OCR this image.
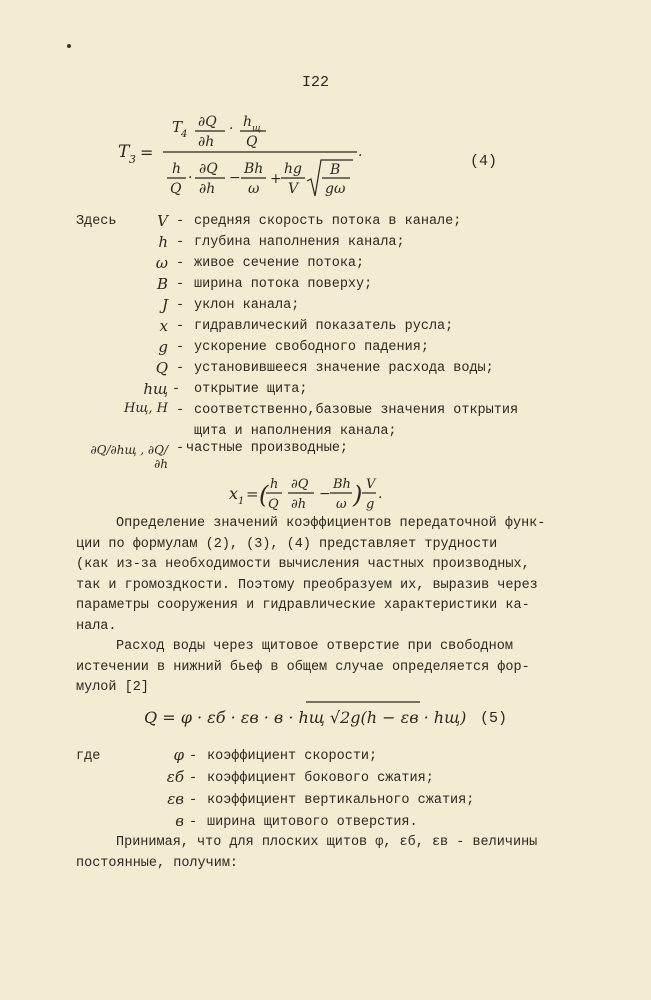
I22
T 3 =
T
4
∂Q
∂h
· h щ
Q
.
h
Q
·
∂Q
∂h
−
Bh
ω
+
hg
V
B
gω
(4)
Здесь	V - средняя скорость потока в канале;
h - глубина наполнения канала;
ω - живое сечение потока;
B - ширина потока поверху;
J - уклон канала;
x - гидравлический показатель русла;
g - ускорение свободного падения;
Q - установившееся значение расхода воды;
hщ - открытие щита;
Hщ, H - соответственно,базовые значения открытия
щита и наполнения канала;
∂Q/∂hщ , ∂Q/∂h
- частные производные;
x 1 = ( h
Q
∂Q
∂h
−
Bh
ω ) V
g
.
Определение значений коэффициентов передаточной функ-
ции по формулам (2), (3), (4) представляет трудности
(как из-за необходимости вычисления частных производных,
так и громоздкости. Поэтому преобразуем их, выразив через
параметры сооружения и гидравлические характеристики ка-
нала.
Расход воды через щитовое отверстие при свободном
истечении в нижний бьеф в общем случае определяется фор-
мулой [2]
Q = φ · εб · εв · в · hщ √2g(h − εв · hщ) (5)
где	φ - коэффициент скорости;
εб - коэффициент бокового сжатия;
εв - коэффициент вертикального сжатия;
в - ширина щитового отверстия.
Принимая, что для плоских щитов φ, εб, εв - величины
постоянные, получим:
